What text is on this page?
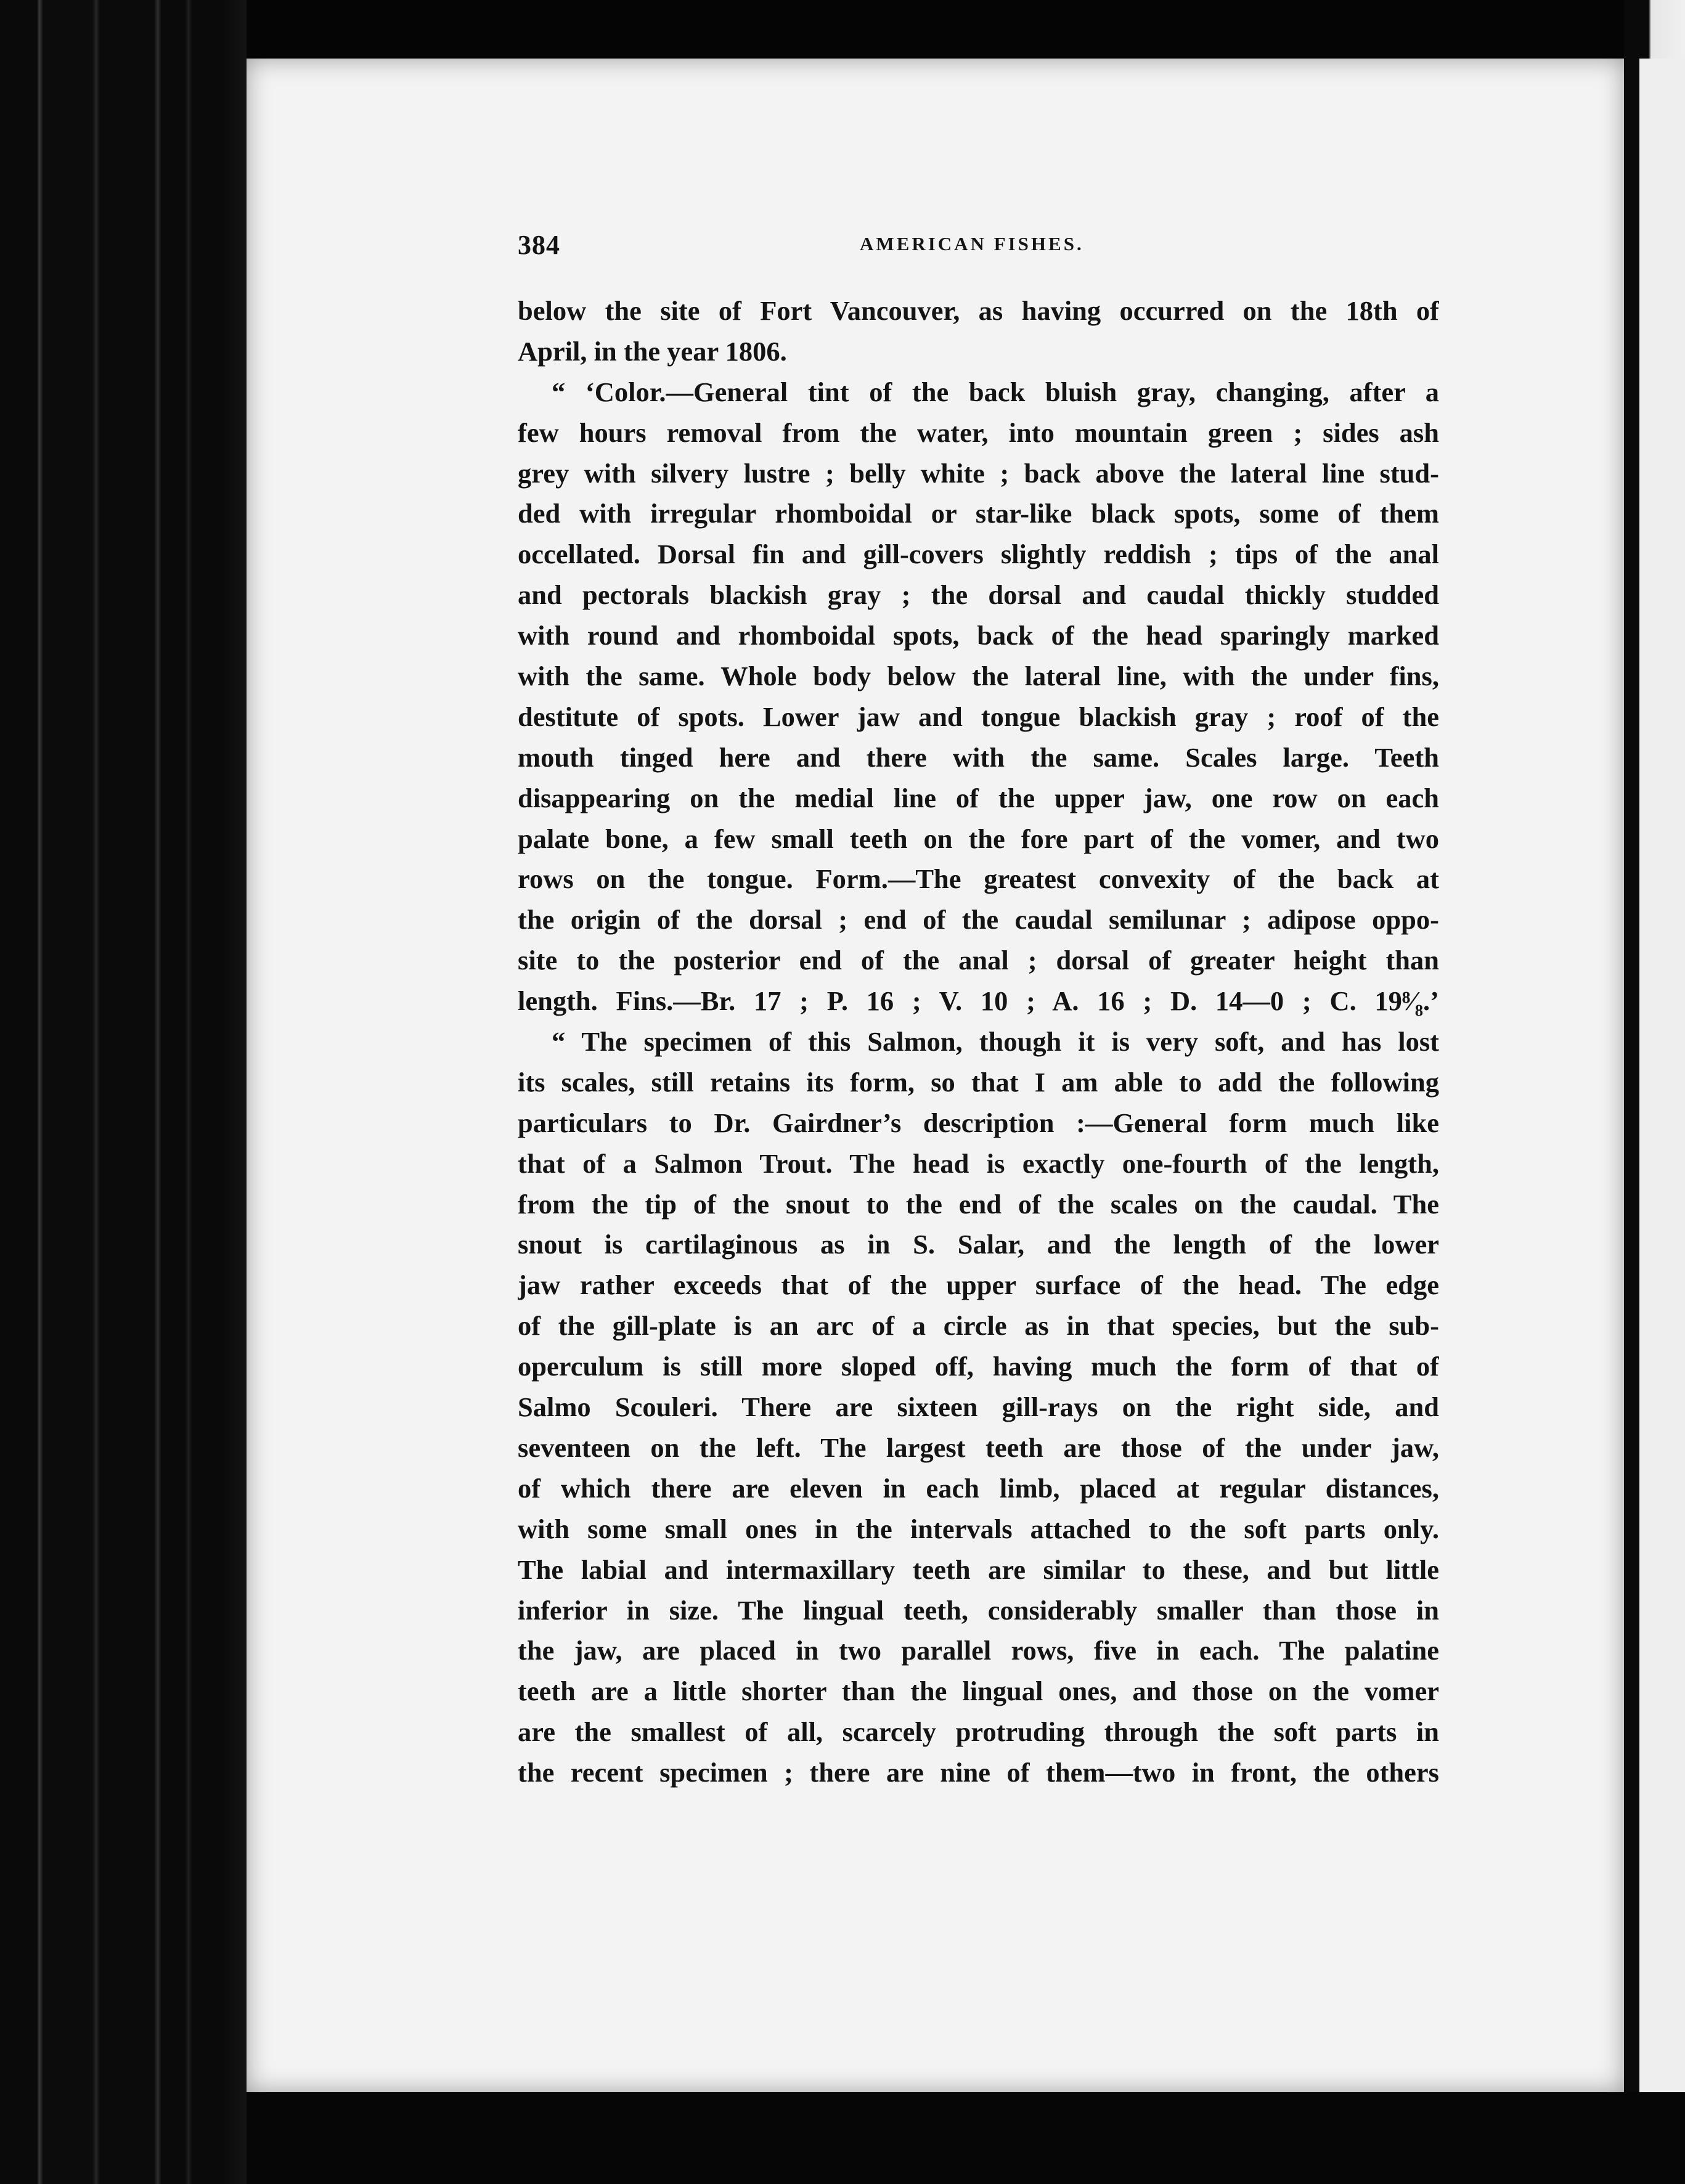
384	AMERICAN FISHES.
below the site of Fort Vancouver, as having occurred on the 18th of
April, in the year 1806.
“ ‘Color.—General tint of the back bluish gray, changing, after a
few hours removal from the water, into mountain green ; sides ash
grey with silvery lustre ; belly white ; back above the lateral line stud-
ded with irregular rhomboidal or star-like black spots, some of them
occellated. Dorsal fin and gill-covers slightly reddish ; tips of the anal
and pectorals blackish gray ; the dorsal and caudal thickly studded
with round and rhomboidal spots, back of the head sparingly marked
with the same. Whole body below the lateral line, with the under fins,
destitute of spots. Lower jaw and tongue blackish gray ; roof of the
mouth tinged here and there with the same. Scales large. Teeth
disappearing on the medial line of the upper jaw, one row on each
palate bone, a few small teeth on the fore part of the vomer, and two
rows on the tongue. Form.—The greatest convexity of the back at
the origin of the dorsal ; end of the caudal semilunar ; adipose oppo-
site to the posterior end of the anal ; dorsal of greater height than
length. Fins.—Br. 17 ; P. 16 ; V. 10 ; A. 16 ; D. 14—0 ; C. 19⁸⁄₈.’
“ The specimen of this Salmon, though it is very soft, and has lost
its scales, still retains its form, so that I am able to add the following
particulars to Dr. Gairdner’s description :—General form much like
that of a Salmon Trout. The head is exactly one-fourth of the length,
from the tip of the snout to the end of the scales on the caudal. The
snout is cartilaginous as in S. Salar, and the length of the lower
jaw rather exceeds that of the upper surface of the head. The edge
of the gill-plate is an arc of a circle as in that species, but the sub-
operculum is still more sloped off, having much the form of that of
Salmo Scouleri. There are sixteen gill-rays on the right side, and
seventeen on the left. The largest teeth are those of the under jaw,
of which there are eleven in each limb, placed at regular distances,
with some small ones in the intervals attached to the soft parts only.
The labial and intermaxillary teeth are similar to these, and but little
inferior in size. The lingual teeth, considerably smaller than those in
the jaw, are placed in two parallel rows, five in each. The palatine
teeth are a little shorter than the lingual ones, and those on the vomer
are the smallest of all, scarcely protruding through the soft parts in
the recent specimen ; there are nine of them—two in front, the others
